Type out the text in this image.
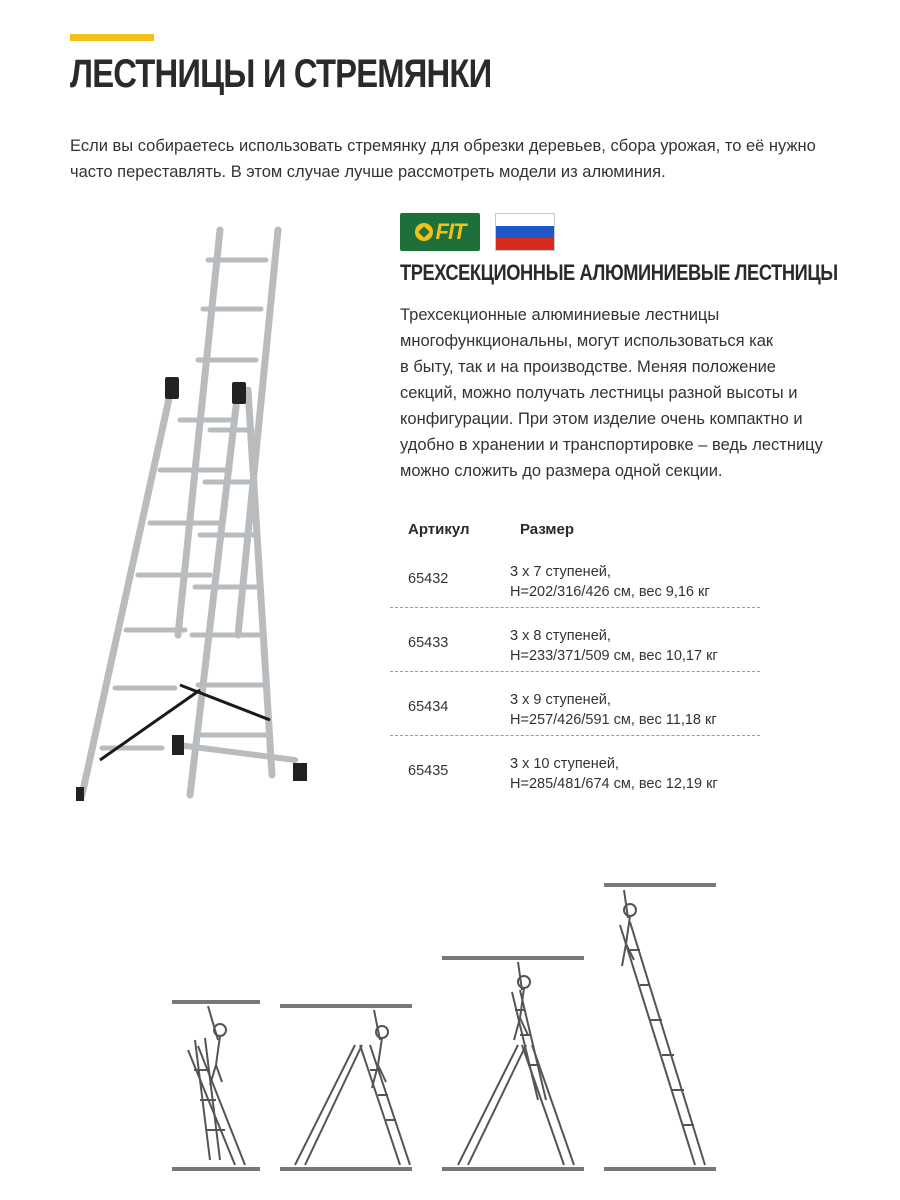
ЛЕСТНИЦЫ И СТРЕМЯНКИ

Если вы собираетесь использовать стремянку для обрезки деревьев, сбора урожая, то её нужно часто переставлять. В этом случае лучше рассмотреть модели из алюминия.

FIT
ТРЕХСЕКЦИОННЫЕ АЛЮМИНИЕВЫЕ ЛЕСТНИЦЫ

Трехсекционные алюминиевые лестницы
многофункциональны, могут использоваться как
в быту, так и на производстве. Меняя положение
секций, можно получать лестницы разной высоты и
конфигурации. При этом изделие очень компактно и
удобно в хранении и транспортировке – ведь лестницу
можно сложить до размера одной секции.

Артикул	Размер
65432	3 х 7 ступеней,
Н=202/316/426 см, вес 9,16 кг
65433	3 х 8 ступеней,
Н=233/371/509 см, вес 10,17 кг
65434	3 х 9 ступеней,
Н=257/426/591 см, вес 11,18 кг
65435	3 х 10 ступеней,
Н=285/481/674 см, вес 12,19 кг
